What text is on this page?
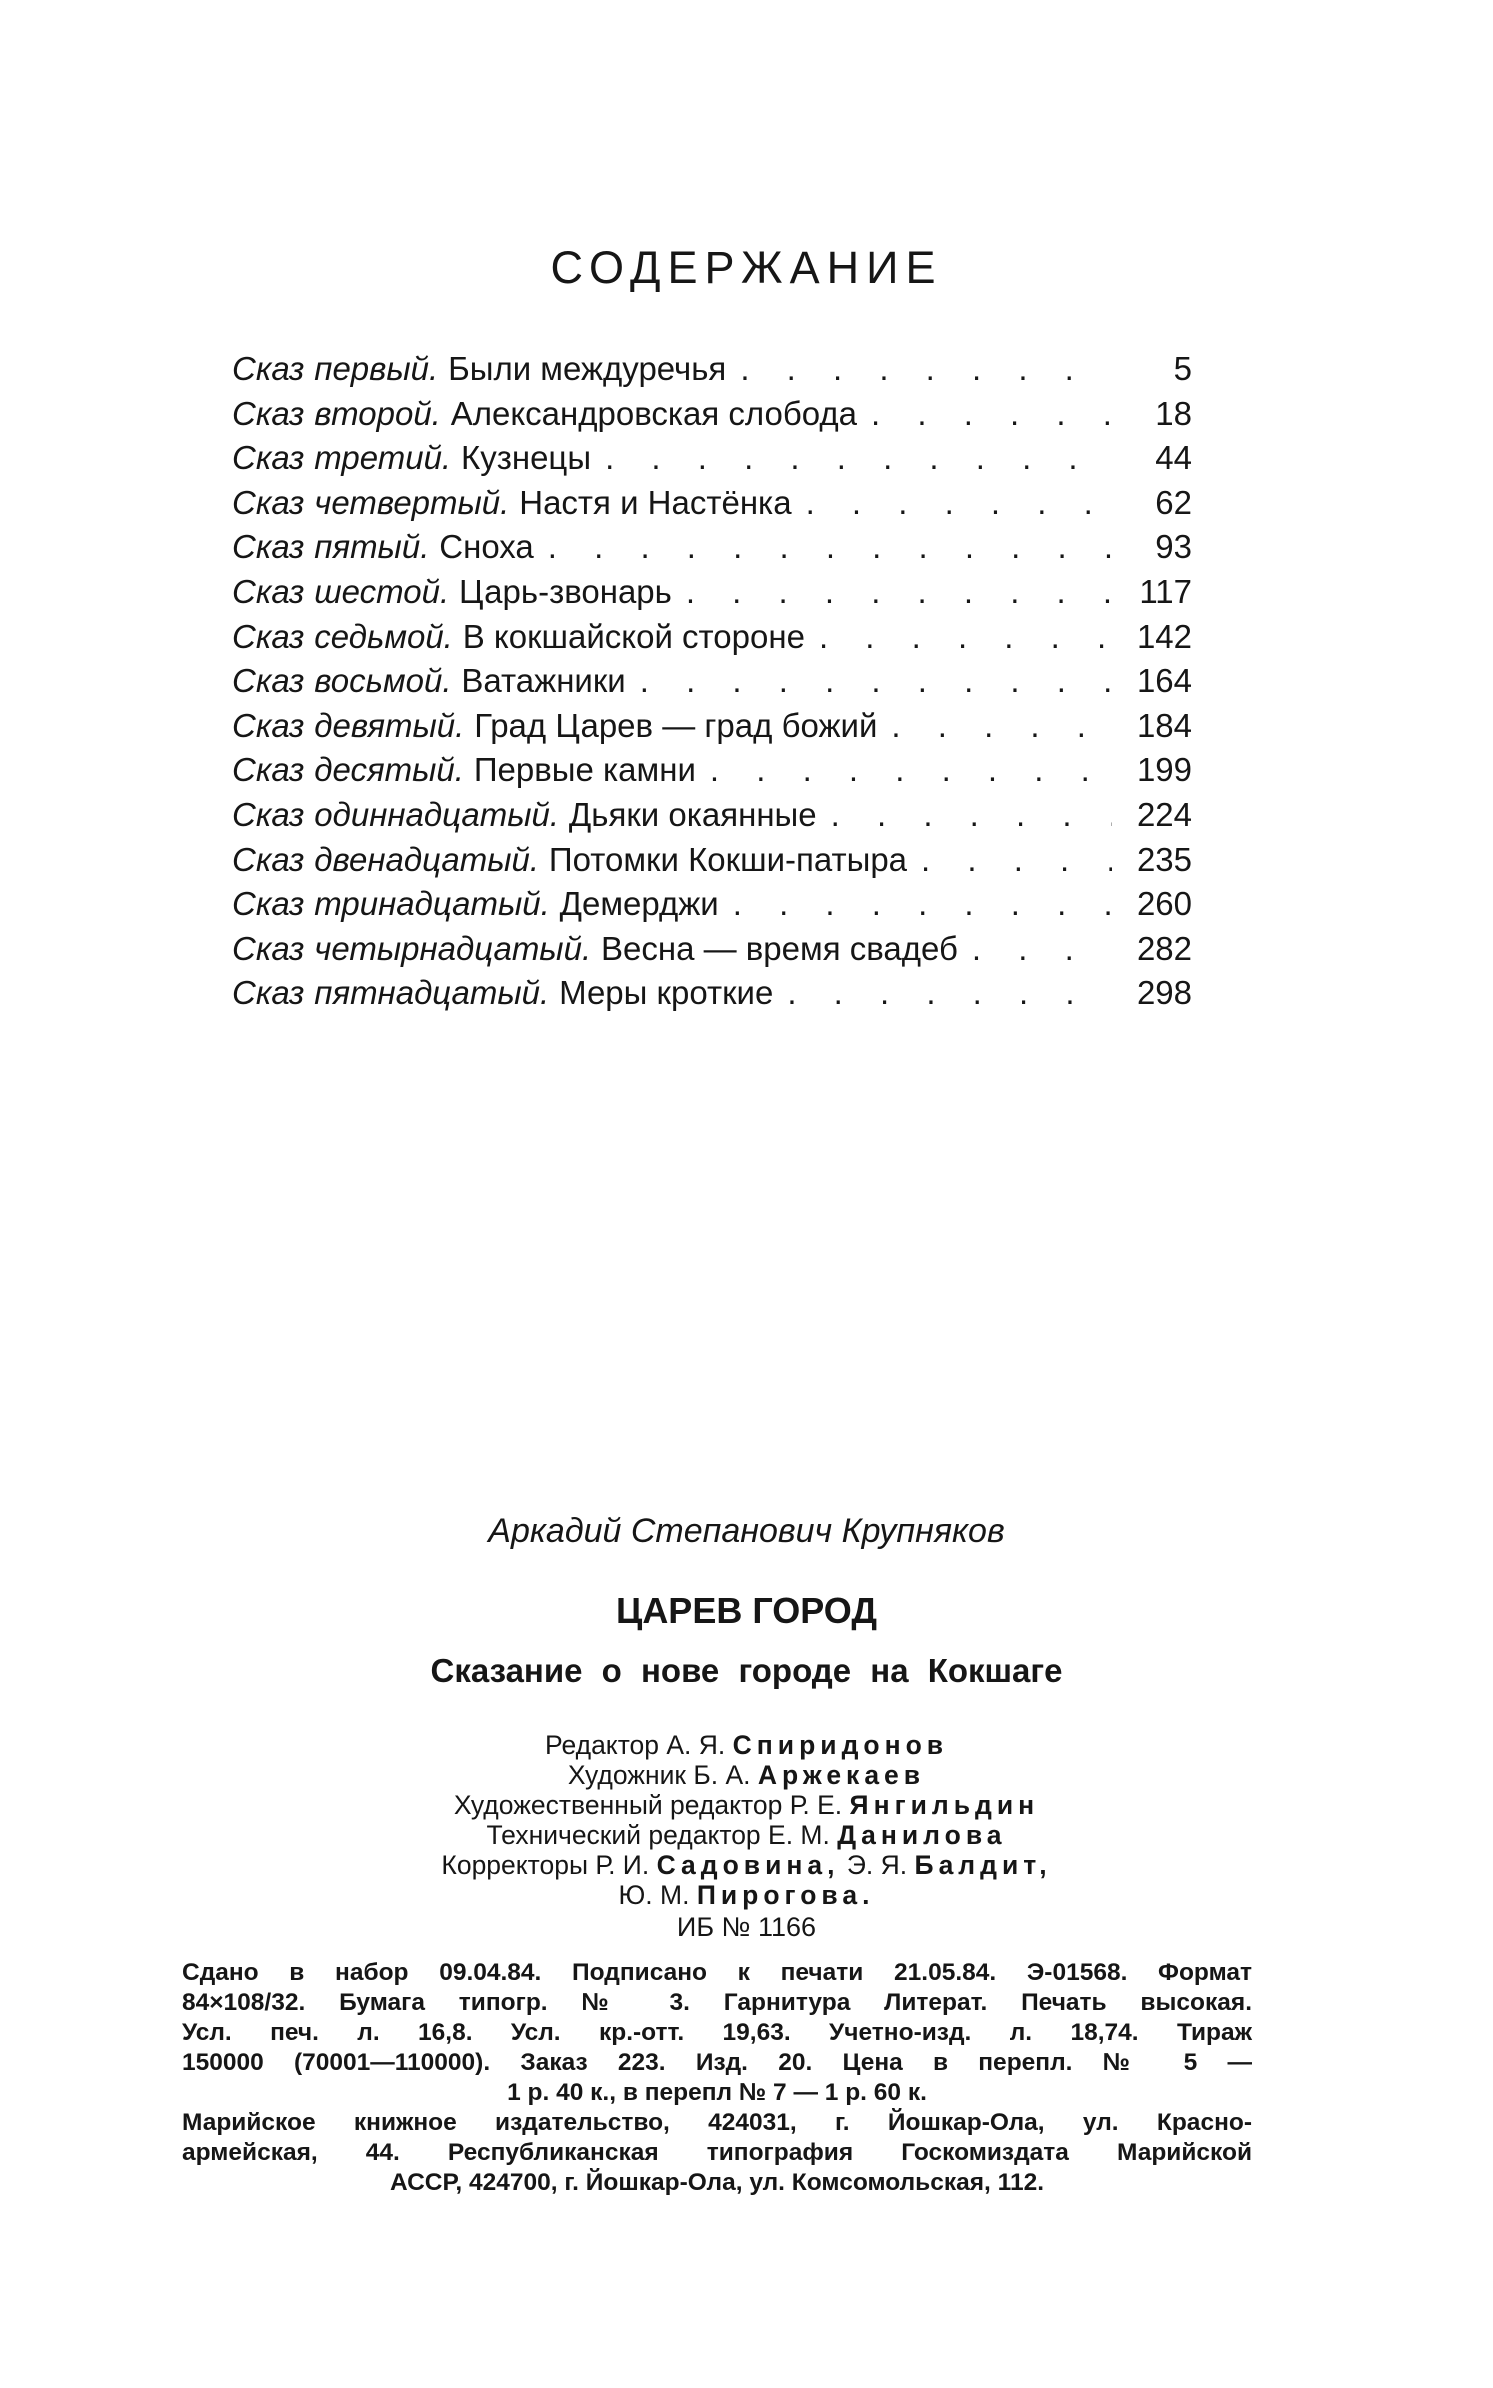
СОДЕРЖАНИЕ
Сказ первый. Были междуречья . . .	5
Сказ второй. Александровская слобода . . .	18
Сказ третий. Кузнецы . . .	44
Сказ четвертый. Настя и Настёнка . . .	62
Сказ пятый. Сноха . . .	93
Сказ шестой. Царь-звонарь . . .	117
Сказ седьмой. В кокшайской стороне . . .	142
Сказ восьмой. Ватажники . . .	164
Сказ девятый. Град Царев — град божий . . .	184
Сказ десятый. Первые камни . . .	199
Сказ одиннадцатый. Дьяки окаянные . . .	224
Сказ двенадцатый. Потомки Кокши-патыра . . .	235
Сказ тринадцатый. Демерджи . . .	260
Сказ четырнадцатый. Весна — время свадеб . . .	282
Сказ пятнадцатый. Меры кроткие . . .	298
Аркадий Степанович Крупняков
ЦАРЕВ ГОРОД
Сказание о нове городе на Кокшаге
Редактор А. Я. Спиридонов
Художник Б. А. Аржекаев
Художественный редактор Р. Е. Янгильдин
Технический редактор Е. М. Данилова
Корректоры Р. И. Садовина, Э. Я. Балдит,
Ю. М. Пирогова.
ИБ № 1166
Сдано в набор 09.04.84. Подписано к печати 21.05.84. Э-01568. Формат
84×108/32. Бумага типогр. № 3. Гарнитура Литерат. Печать высокая.
Усл. печ. л. 16,8. Усл. кр.-отт. 19,63. Учетно-изд. л. 18,74. Тираж
150000 (70001—110000). Заказ 223. Изд. 20. Цена в перепл. № 5 —
1 р. 40 к., в перепл № 7 — 1 р. 60 к.
Марийское книжное издательство, 424031, г. Йошкар-Ола, ул. Красно-
армейская, 44. Республиканская типография Госкомиздата Марийской
АССР, 424700, г. Йошкар-Ола, ул. Комсомольская, 112.
